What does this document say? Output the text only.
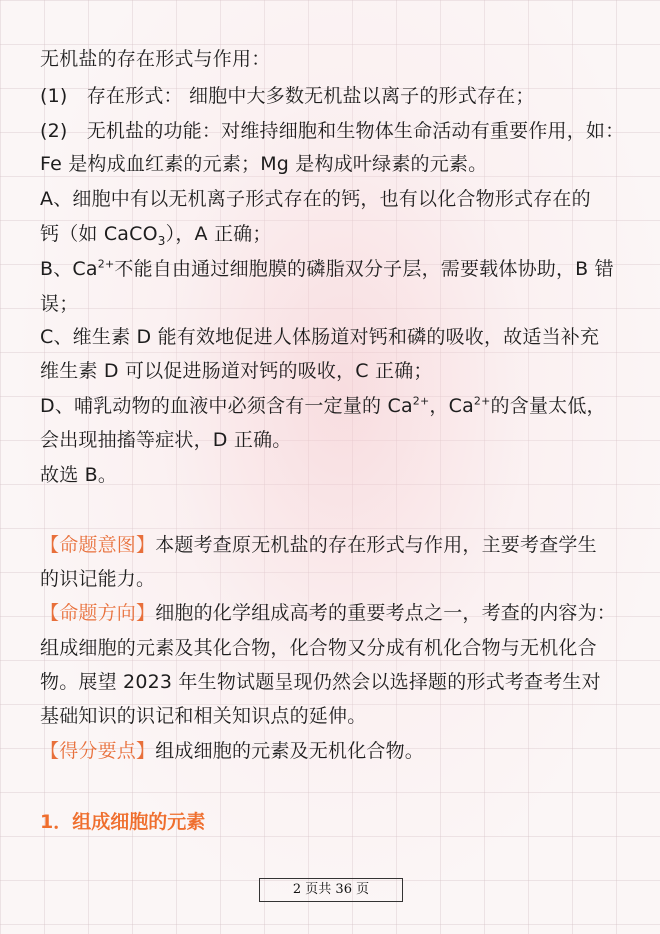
无机盐的存在形式与作用：
(1)　存在形式： 细胞中大多数无机盐以离子的形式存在；
(2)　无机盐的功能：对维持细胞和生物体生命活动有重要作用，如：
Fe 是构成血红素的元素；Mg 是构成叶绿素的元素。
A、细胞中有以无机离子形式存在的钙，也有以化合物形式存在的
钙（如 CaCO$_3$），A 正确；
B、$Ca^{2+}$不能自由通过细胞膜的磷脂双分子层，需要载体协助，B 错
误；
C、维生素 D 能有效地促进人体肠道对钙和磷的吸收，故适当补充
维生素 D 可以促进肠道对钙的吸收，C 正确；
D、哺乳动物的血液中必须含有一定量的 $Ca^{2+}$，$Ca^{2+}$的含量太低，
会出现抽搐等症状，D 正确。
故选 B。
【命题意图】本题考查原无机盐的存在形式与作用，主要考查学生
的识记能力。
【命题方向】细胞的化学组成高考的重要考点之一，考查的内容为：
组成细胞的元素及其化合物，化合物又分成有机化合物与无机化合
物。展望 2023 年生物试题呈现仍然会以选择题的形式考查考生对
基础知识的识记和相关知识点的延伸。
【得分要点】组成细胞的元素及无机化合物。
1．组成细胞的元素
2 页共 36 页
